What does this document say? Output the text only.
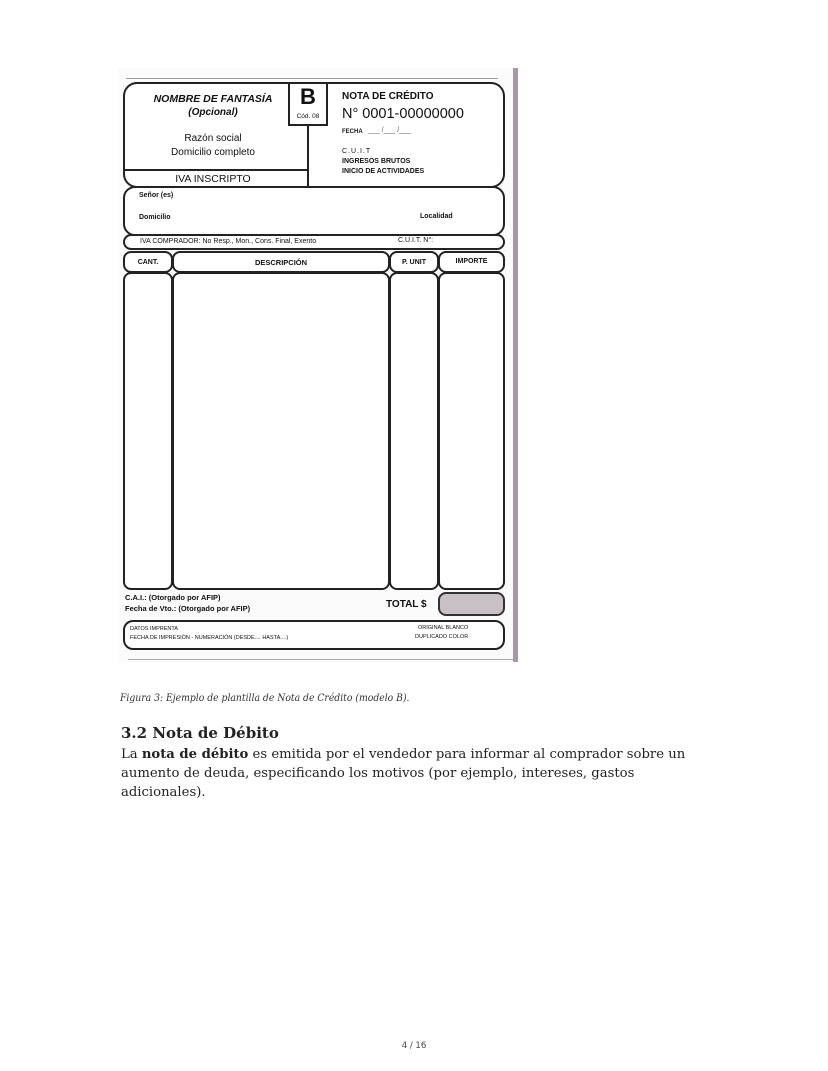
NOMBRE DE FANTASÍA
(Opcional)
Razón social
Domicilio completo
IVA INSCRIPTO
B
Cód. 08
NOTA DE CRÉDITO
N° 0001-00000000
FECHA ___ /___ /___
C.U.I.T
INGRESOS BRUTOS
INICIO DE ACTIVIDADES
Señor (es)
Domicilio	Localidad
IVA COMPRADOR: No Resp., Mon., Cons. Final, Exento	C.U.I.T. N°:
CANT.	DESCRIPCIÓN	P. UNIT	IMPORTE
C.A.I.: (Otorgado por AFIP)
Fecha de Vto.: (Otorgado por AFIP)	TOTAL $
DATOS IMPRENTA
FECHA DE IMPRESIÓN - NUMERACIÓN (DESDE.... HASTA....)
ORIGINAL BLANCO
DUPLICADO COLOR
Figura 3: Ejemplo de plantilla de Nota de Crédito (modelo B).
3.2 Nota de Débito
La nota de débito es emitida por el vendedor para informar al comprador sobre un aumento de deuda, especificando los motivos (por ejemplo, intereses, gastos adicionales).
4 / 16
